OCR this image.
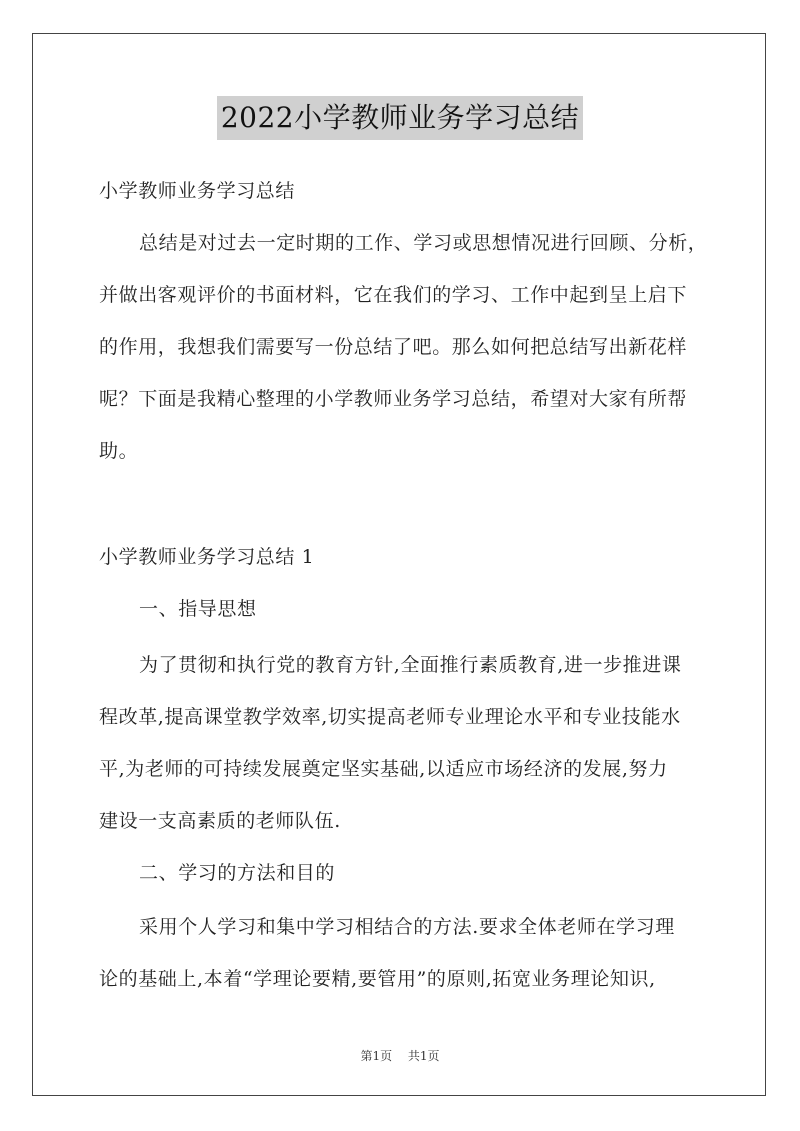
2022小学教师业务学习总结
小学教师业务学习总结
总结是对过去一定时期的工作、学习或思想情况进行回顾、分析，
并做出客观评价的书面材料，它在我们的学习、工作中起到呈上启下
的作用，我想我们需要写一份总结了吧。那么如何把总结写出新花样
呢？下面是我精心整理的小学教师业务学习总结，希望对大家有所帮
助。
小学教师业务学习总结 1
一、指导思想
为了贯彻和执行党的教育方针,全面推行素质教育,进一步推进课
程改革,提高课堂教学效率,切实提高老师专业理论水平和专业技能水
平,为老师的可持续发展奠定坚实基础,以适应市场经济的发展,努力
建设一支高素质的老师队伍.
二、学习的方法和目的
采用个人学习和集中学习相结合的方法.要求全体老师在学习理
论的基础上,本着“学理论要精,要管用”的原则,拓宽业务理论知识,
第1页 共1页
